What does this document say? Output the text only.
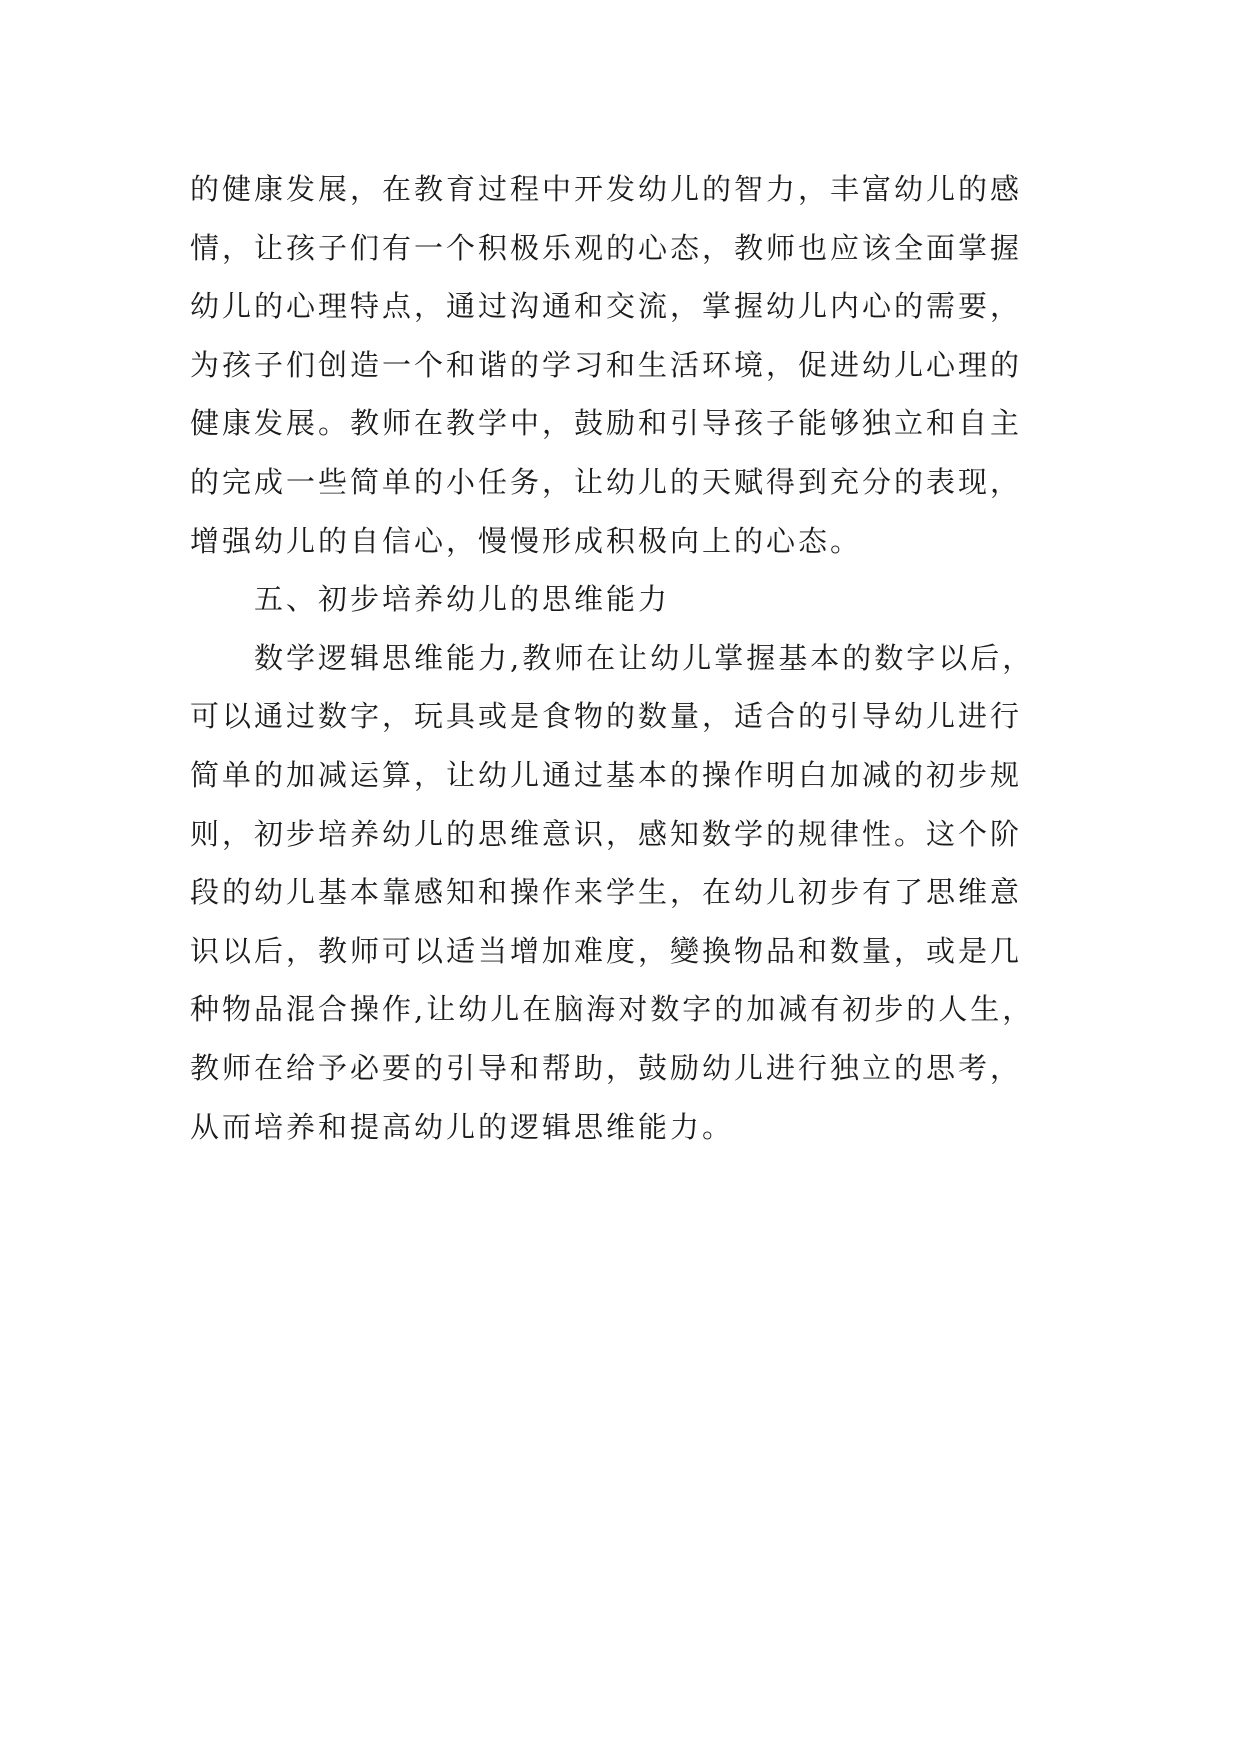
的健康发展，在教育过程中开发幼儿的智力，丰富幼儿的感
情，让孩子们有一个积极乐观的心态，教师也应该全面掌握
幼儿的心理特点，通过沟通和交流，掌握幼儿内心的需要，
为孩子们创造一个和谐的学习和生活环境，促进幼儿心理的
健康发展。教师在教学中，鼓励和引导孩子能够独立和自主
的完成一些简单的小任务，让幼儿的天赋得到充分的表现，
增强幼儿的自信心，慢慢形成积极向上的心态。
五、初步培养幼儿的思维能力
数学逻辑思维能力,教师在让幼儿掌握基本的数字以后，
可以通过数字，玩具或是食物的数量，适合的引导幼儿进行
简单的加减运算，让幼儿通过基本的操作明白加减的初步规
则，初步培养幼儿的思维意识，感知数学的规律性。这个阶
段的幼儿基本靠感知和操作来学生，在幼儿初步有了思维意
识以后，教师可以适当增加难度，變換物品和数量，或是几
种物品混合操作,让幼儿在脑海对数字的加减有初步的人生，
教师在给予必要的引导和帮助，鼓励幼儿进行独立的思考，
从而培养和提高幼儿的逻辑思维能力。
